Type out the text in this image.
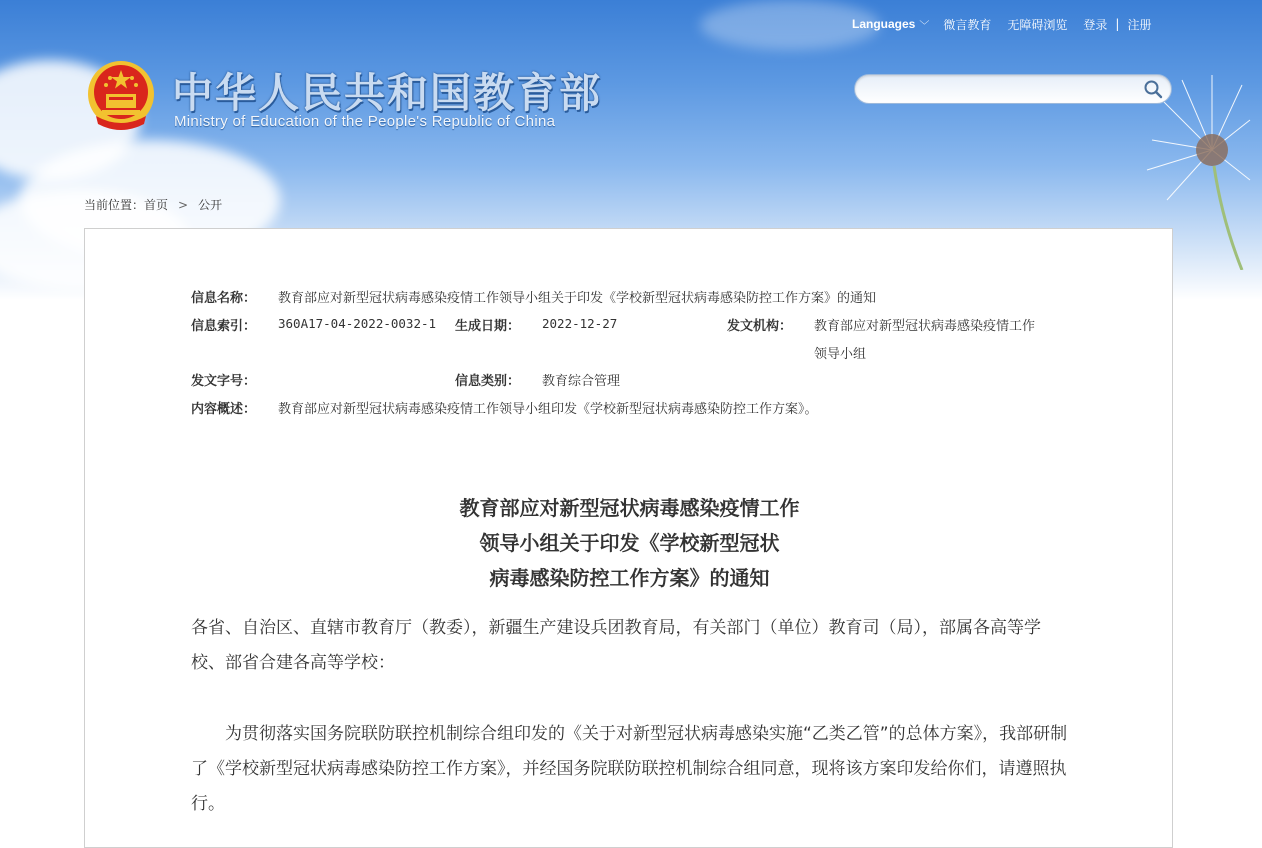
中华人民共和国教育部
Ministry of Education of the People's Republic of China
Languages ﹀ 微言教育 无障碍浏览 登录 | 注册
当前位置：首页 > 公开
信息名称： 教育部应对新型冠状病毒感染疫情工作领导小组关于印发《学校新型冠状病毒感染防控工作方案》的通知
信息索引： 360A17-04-2022-0032-1 生成日期： 2022-12-27	发文机构： 教育部应对新型冠状病毒感染疫情工作
领导小组
发文字号：	信息类别： 教育综合管理
内容概述： 教育部应对新型冠状病毒感染疫情工作领导小组印发《学校新型冠状病毒感染防控工作方案》。
教育部应对新型冠状病毒感染疫情工作
领导小组关于印发《学校新型冠状
病毒感染防控工作方案》的通知
各省、自治区、直辖市教育厅（教委），新疆生产建设兵团教育局，有关部门（单位）教育司（局），部属各高等学校、部省合建各高等学校：
为贯彻落实国务院联防联控机制综合组印发的《关于对新型冠状病毒感染实施“乙类乙管”的总体方案》，我部研制了《学校新型冠状病毒感染防控工作方案》，并经国务院联防联控机制综合组同意，现将该方案印发给你们，请遵照执行。
